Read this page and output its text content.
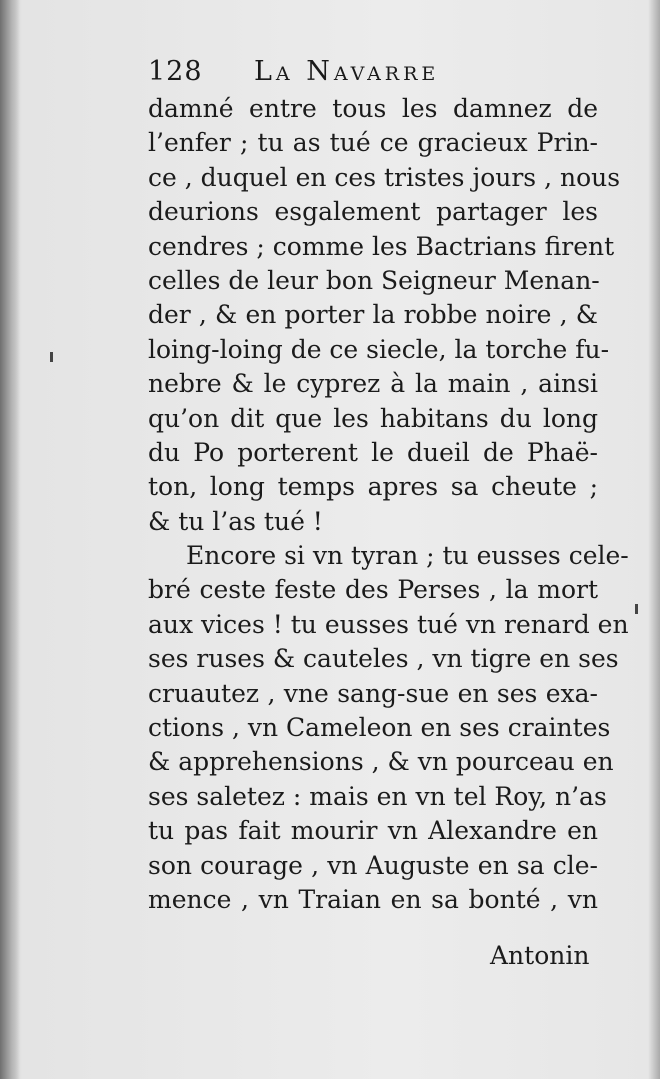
128 La Navarre
damné entre tous les damnez de
l’enfer ; tu as tué ce gracieux Prin-
ce , duquel en ces tristes jours , nous
deurions esgalement partager les
cendres ; comme les Bactrians firent
celles de leur bon Seigneur Menan-
der , & en porter la robbe noire , &
loing-loing de ce siecle, la torche fu-
nebre & le cyprez à la main , ainsi
qu’on dit que les habitans du long
du Po porterent le dueil de Phaë-
ton, long temps apres sa cheute ;
& tu l’as tué !
Encore si vn tyran ; tu eusses cele-
bré ceste feste des Perses , la mort
aux vices ! tu eusses tué vn renard en
ses ruses & cauteles , vn tigre en ses
cruautez , vne sang-sue en ses exa-
ctions , vn Cameleon en ses craintes
& apprehensions , & vn pourceau en
ses saletez : mais en vn tel Roy, n’as
tu pas fait mourir vn Alexandre en
son courage , vn Auguste en sa cle-
mence , vn Traian en sa bonté , vn
Antonin
